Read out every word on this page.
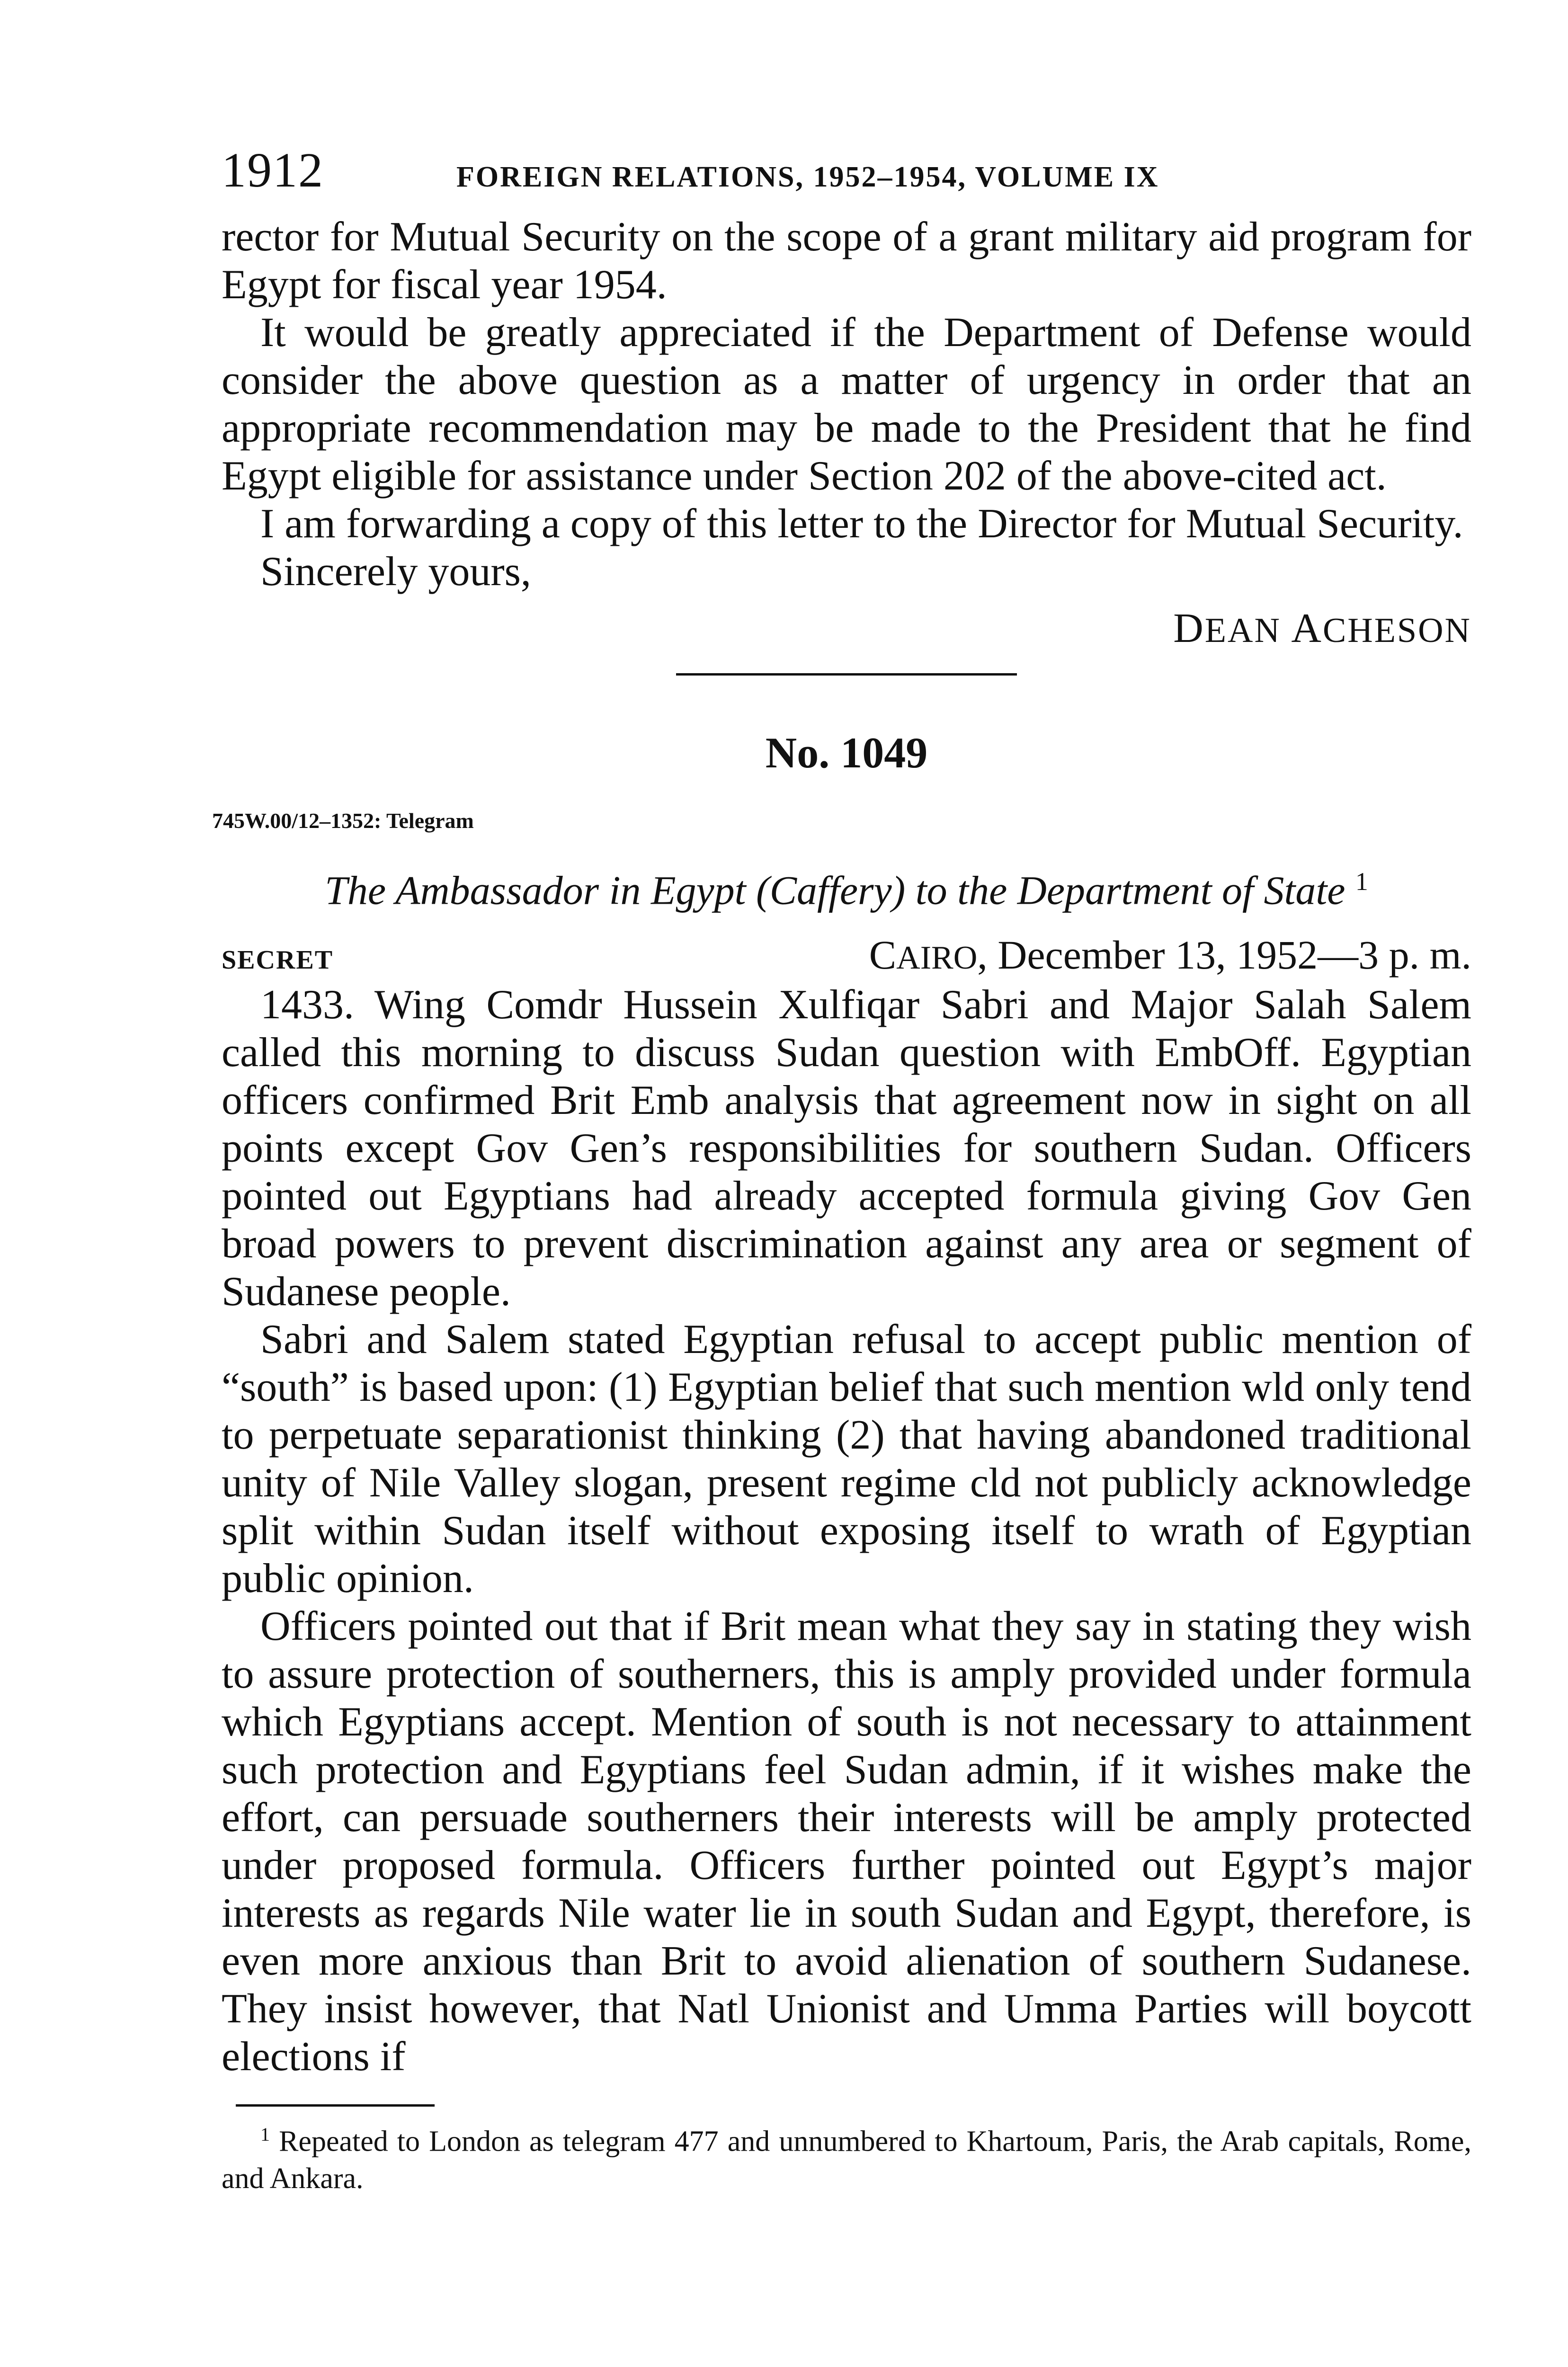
1912	FOREIGN RELATIONS, 1952–1954, VOLUME IX

rector for Mutual Security on the scope of a grant military aid program for Egypt for fiscal year 1954.

It would be greatly appreciated if the Department of Defense would consider the above question as a matter of urgency in order that an appropriate recommendation may be made to the President that he find Egypt eligible for assistance under Section 202 of the above-cited act.

I am forwarding a copy of this letter to the Director for Mutual Security.

Sincerely yours,

DEAN ACHESON
No. 1049
745W.00/12–1352: Telegram
The Ambassador in Egypt (Caffery) to the Department of State $^1$
SECRET	CAIRO, December 13, 1952—3 p. m.

1433. Wing Comdr Hussein Xulfiqar Sabri and Major Salah Salem called this morning to discuss Sudan question with EmbOff. Egyptian officers confirmed Brit Emb analysis that agreement now in sight on all points except Gov Gen’s responsibilities for southern Sudan. Officers pointed out Egyptians had already accepted formula giving Gov Gen broad powers to prevent discrimination against any area or segment of Sudanese people.

Sabri and Salem stated Egyptian refusal to accept public mention of “south” is based upon: (1) Egyptian belief that such mention wld only tend to perpetuate separationist thinking (2) that having abandoned traditional unity of Nile Valley slogan, present regime cld not publicly acknowledge split within Sudan itself without exposing itself to wrath of Egyptian public opinion.

Officers pointed out that if Brit mean what they say in stating they wish to assure protection of southerners, this is amply provided under formula which Egyptians accept. Mention of south is not necessary to attainment such protection and Egyptians feel Sudan admin, if it wishes make the effort, can persuade southerners their interests will be amply protected under proposed formula. Officers further pointed out Egypt’s major interests as regards Nile water lie in south Sudan and Egypt, therefore, is even more anxious than Brit to avoid alienation of southern Sudanese. They insist however, that Natl Unionist and Umma Parties will boycott elections if

$^1$ Repeated to London as telegram 477 and unnumbered to Khartoum, Paris, the Arab capitals, Rome, and Ankara.
